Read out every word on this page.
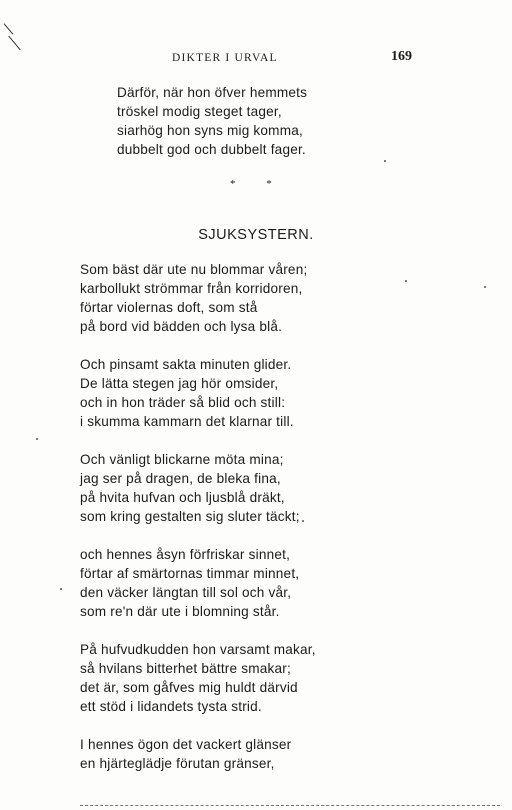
DIKTER I URVAL	169
Därför, när hon öfver hemmets
tröskel modig steget tager,
siarhög hon syns mig komma,
dubbelt god och dubbelt fager.
* *
SJUKSYSTERN.
Som bäst där ute nu blommar våren;
karbollukt strömmar från korridoren,
förtar violernas doft, som stå
på bord vid bädden och lysa blå.
Och pinsamt sakta minuten glider.
De lätta stegen jag hör omsider,
och in hon träder så blid och still:
i skumma kammarn det klarnar till.
Och vänligt blickarne möta mina;
jag ser på dragen, de bleka fina,
på hvita hufvan och ljusblå dräkt,
som kring gestalten sig sluter täckt;
och hennes åsyn förfriskar sinnet,
förtar af smärtornas timmar minnet,
den väcker längtan till sol och vår,
som re'n där ute i blomning står.
På hufvudkudden hon varsamt makar,
så hvilans bitterhet bättre smakar;
det är, som gåfves mig huldt därvid
ett stöd i lidandets tysta strid.
I hennes ögon det vackert glänser
en hjärteglädje förutan gränser,
